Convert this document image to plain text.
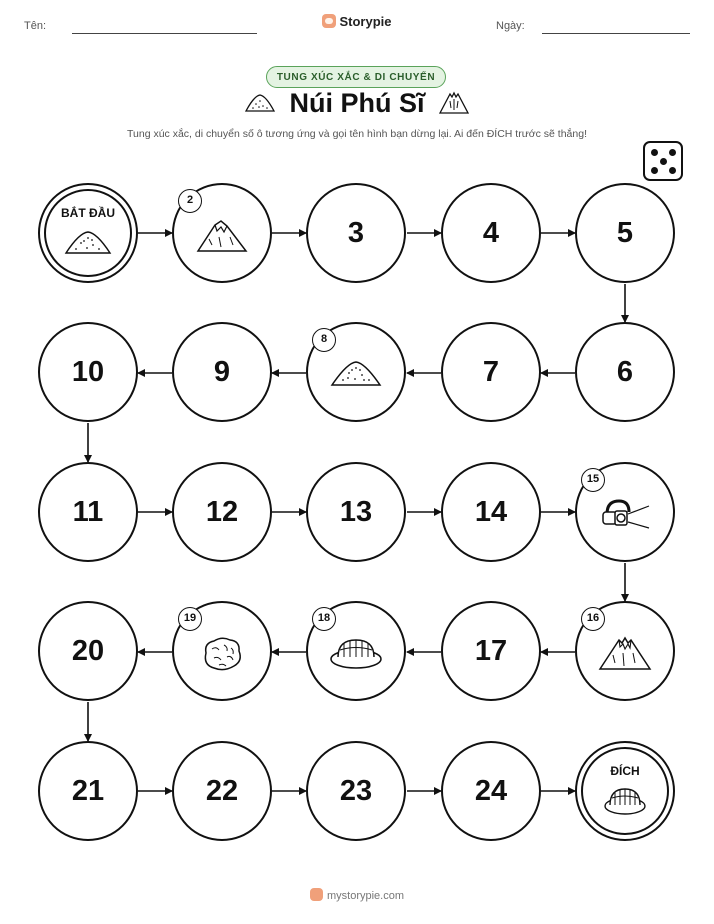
Tên:	Storypie	Ngày:
TUNG XÚC XẮC & DI CHUYỂN
Núi Phú Sĩ
Tung xúc xắc, di chuyển số ô tương ứng và gọi tên hình bạn dừng lại. Ai đến ĐÍCH trước sẽ thắng!
BẮT ĐẦU
2
3	4	5
6
7
8
9
10
11	12	13	14
15
16
17
18
19
20
21	22	23	24
ĐÍCH
mystorypie.com
